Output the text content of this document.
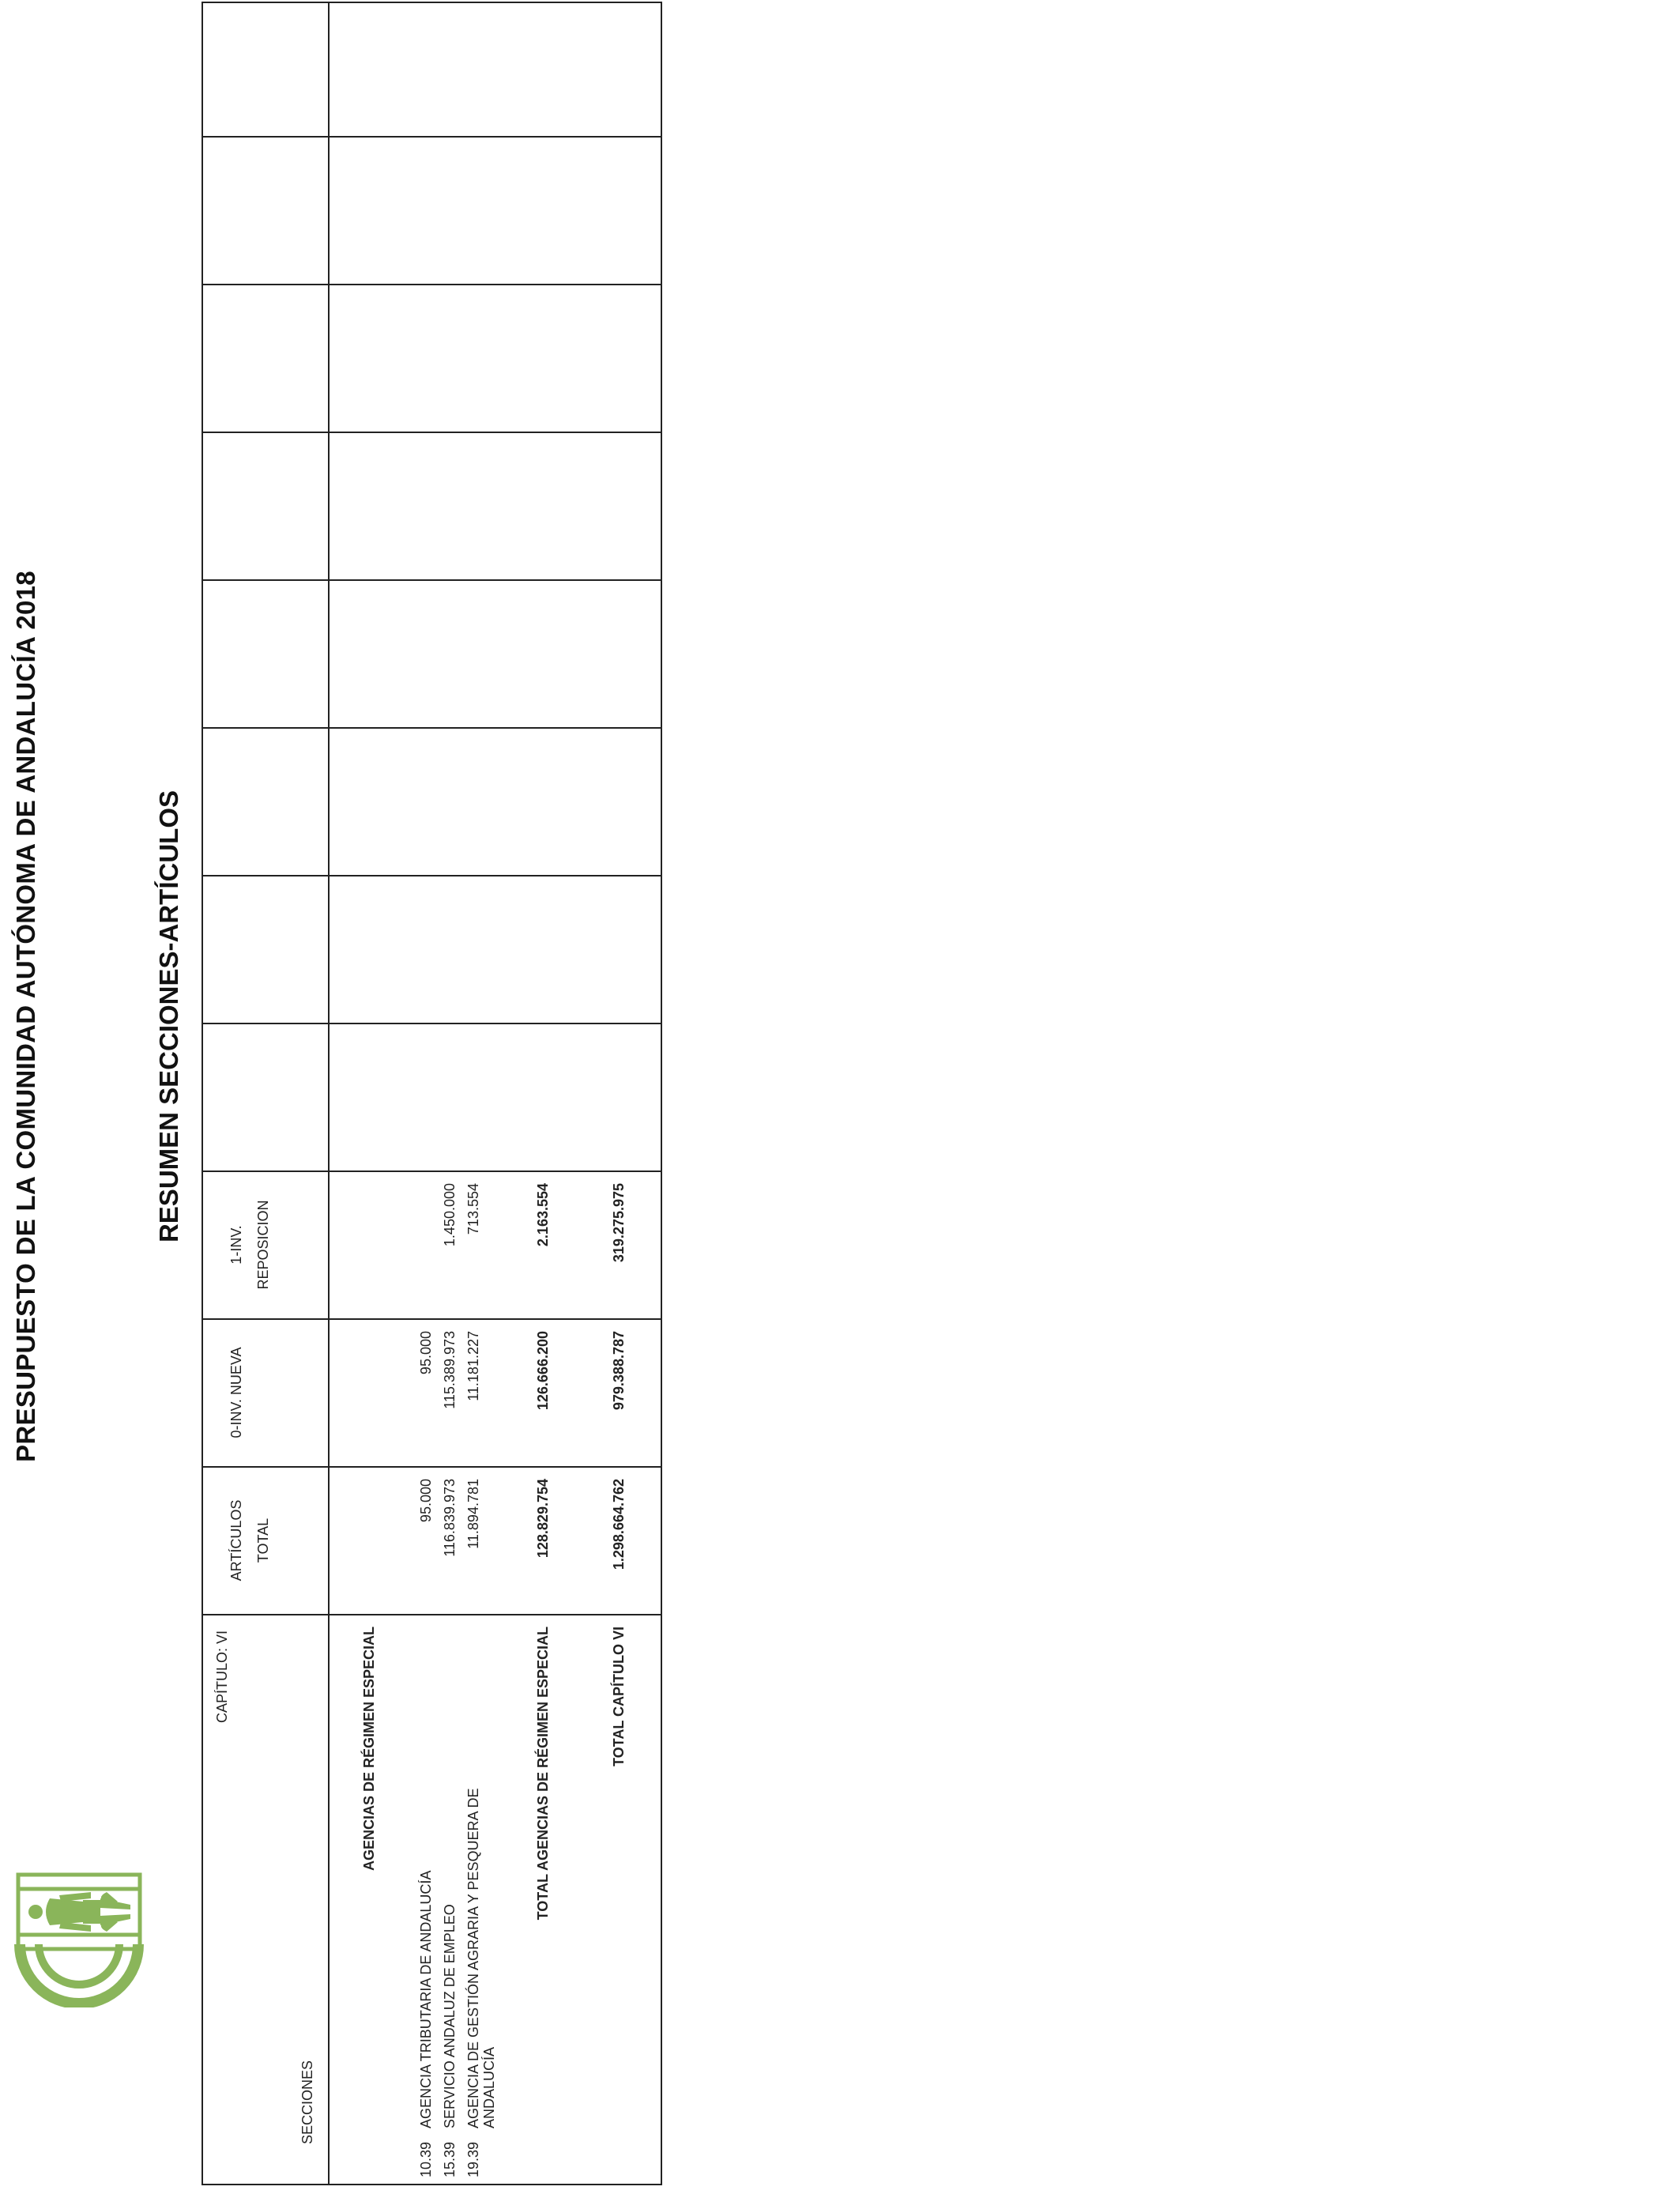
PRESUPUESTO DE LA COMUNIDAD AUTÓNOMA DE ANDALUCÍA 2018	RESUMEN SECCIONES-ARTÍCULOS
CAPÍTULO: VI
SECCIONES
ARTÍCULOS TOTAL
0-INV. NUEVA
1-INV. REPOSICION
AGENCIAS DE RÉGIMEN ESPECIAL
10.39
AGENCIA TRIBUTARIA DE ANDALUCÍA
95.000
95.000
15.39
SERVICIO ANDALUZ DE EMPLEO
116.839.973
115.389.973
1.450.000
19.39
AGENCIA DE GESTIÓN AGRARIA Y PESQUERA DE ANDALUCÍA
11.894.781
11.181.227
713.554
TOTAL AGENCIAS DE RÉGIMEN ESPECIAL
128.829.754
126.666.200
2.163.554
TOTAL CAPÍTULO VI
1.298.664.762
979.388.787
319.275.975
